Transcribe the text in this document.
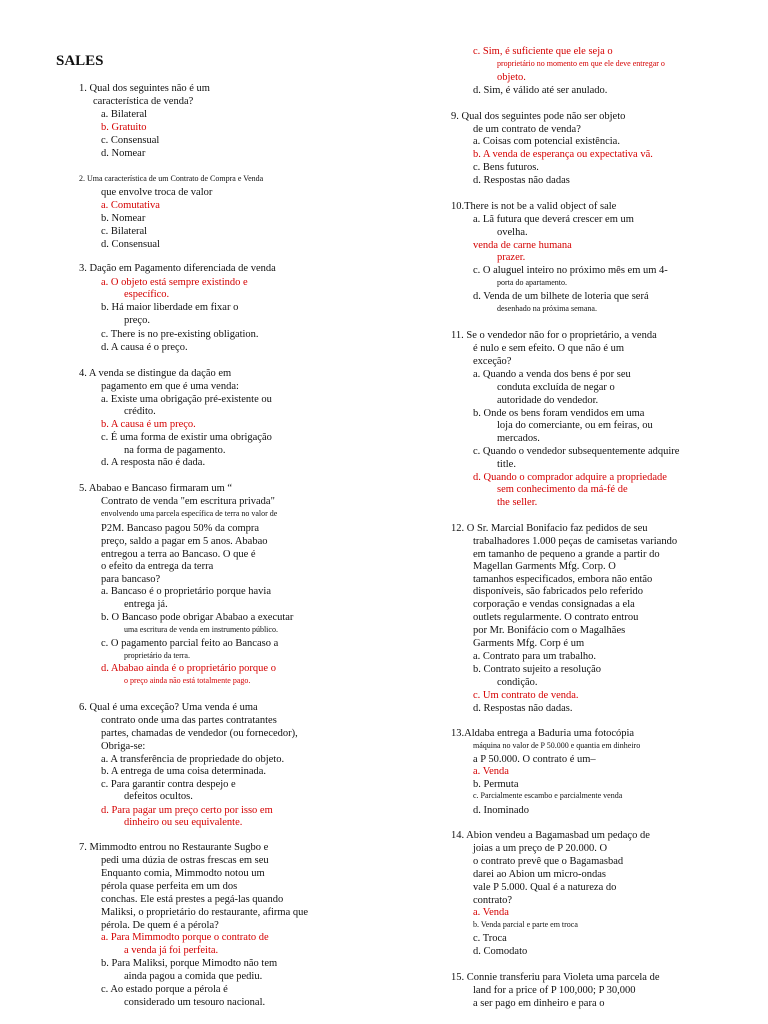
SALES
1. Qual dos seguintes não é um
característica de venda?
a. Bilateral
b. Gratuito
c. Consensual
d. Nomear
2. Uma característica de um Contrato de Compra e Venda
que envolve troca de valor
a. Comutativa
b. Nomear
c. Bilateral
d. Consensual
3. Dação em Pagamento diferenciada de venda
a. O objeto está sempre existindo e
específico.
b. Há maior liberdade em fixar o
preço.
c. There is no pre-existing obligation.
d. A causa é o preço.
4. A venda se distingue da dação em
pagamento em que é uma venda:
a. Existe uma obrigação pré-existente ou
crédito.
b. A causa é um preço.
c. É uma forma de existir uma obrigação
na forma de pagamento.
d. A resposta não é dada.
5. Ababao e Bancaso firmaram um “
Contrato de venda "em escritura privada"
envolvendo uma parcela específica de terra no valor de
P2M. Bancaso pagou 50% da compra
preço, saldo a pagar em 5 anos. Ababao
entregou a terra ao Bancaso. O que é
o efeito da entrega da terra
para bancaso?
a. Bancaso é o proprietário porque havia
entrega já.
b. O Bancaso pode obrigar Ababao a executar
uma escritura de venda em instrumento público.
c. O pagamento parcial feito ao Bancaso a
proprietário da terra.
d. Ababao ainda é o proprietário porque o
o preço ainda não está totalmente pago.
6. Qual é uma exceção? Uma venda é uma
contrato onde uma das partes contratantes
partes, chamadas de vendedor (ou fornecedor),
Obriga-se:
a. A transferência de propriedade do objeto.
b. A entrega de uma coisa determinada.
c. Para garantir contra despejo e
defeitos ocultos.
d. Para pagar um preço certo por isso em
dinheiro ou seu equivalente.
7. Mimmodto entrou no Restaurante Sugbo e
pedi uma dúzia de ostras frescas em seu
Enquanto comia, Mimmodto notou um
pérola quase perfeita em um dos
conchas. Ele está prestes a pegá-las quando
Maliksi, o proprietário do restaurante, afirma que
pérola. De quem é a pérola?
a. Para Mimmodto porque o contrato de
a venda já foi perfeita.
b. Para Maliksi, porque Mimodto não tem
ainda pagou a comida que pediu.
c. Ao estado porque a pérola é
considerado um tesouro nacional.
c. Sim, é suficiente que ele seja o
proprietário no momento em que ele deve entregar o
objeto.
d. Sim, é válido até ser anulado.
9. Qual dos seguintes pode não ser objeto
de um contrato de venda?
a. Coisas com potencial existência.
b. A venda de esperança ou expectativa vã.
c. Bens futuros.
d. Respostas não dadas
10.There is not be a valid object of sale
a. Lã futura que deverá crescer em um
ovelha.
venda de carne humana
prazer.
c. O aluguel inteiro no próximo mês em um 4-
porta do apartamento.
d. Venda de um bilhete de loteria que será
desenhado na próxima semana.
11. Se o vendedor não for o proprietário, a venda
é nulo e sem efeito. O que não é um
exceção?
a. Quando a venda dos bens é por seu
conduta excluída de negar o
autoridade do vendedor.
b. Onde os bens foram vendidos em uma
loja do comerciante, ou em feiras, ou
mercados.
c. Quando o vendedor subsequentemente adquire
title.
d. Quando o comprador adquire a propriedade
sem conhecimento da má-fé de
the seller.
12. O Sr. Marcial Bonifacio faz pedidos de seu
trabalhadores 1.000 peças de camisetas variando
em tamanho de pequeno a grande a partir do
Magellan Garments Mfg. Corp. O
tamanhos especificados, embora não então
disponíveis, são fabricados pelo referido
corporação e vendas consignadas a ela
outlets regularmente. O contrato entrou
por Mr. Bonifácio com o Magalhães
Garments Mfg. Corp é um
a. Contrato para um trabalho.
b. Contrato sujeito a resolução
condição.
c. Um contrato de venda.
d. Respostas não dadas.
13.Aldaba entrega a Baduria uma fotocópia
máquina no valor de P 50.000 e quantia em dinheiro
a P 50.000. O contrato é um–
a. Venda
b. Permuta
c. Parcialmente escambo e parcialmente venda
d. Inominado
14. Abion vendeu a Bagamasbad um pedaço de
joias a um preço de P 20.000. O
o contrato prevê que o Bagamasbad
darei ao Abion um micro-ondas
vale P 5.000. Qual é a natureza do
contrato?
a. Venda
b. Venda parcial e parte em troca
c. Troca
d. Comodato
15. Connie transferiu para Violeta uma parcela de
land for a price of P 100,000; P 30,000
a ser pago em dinheiro e para o
